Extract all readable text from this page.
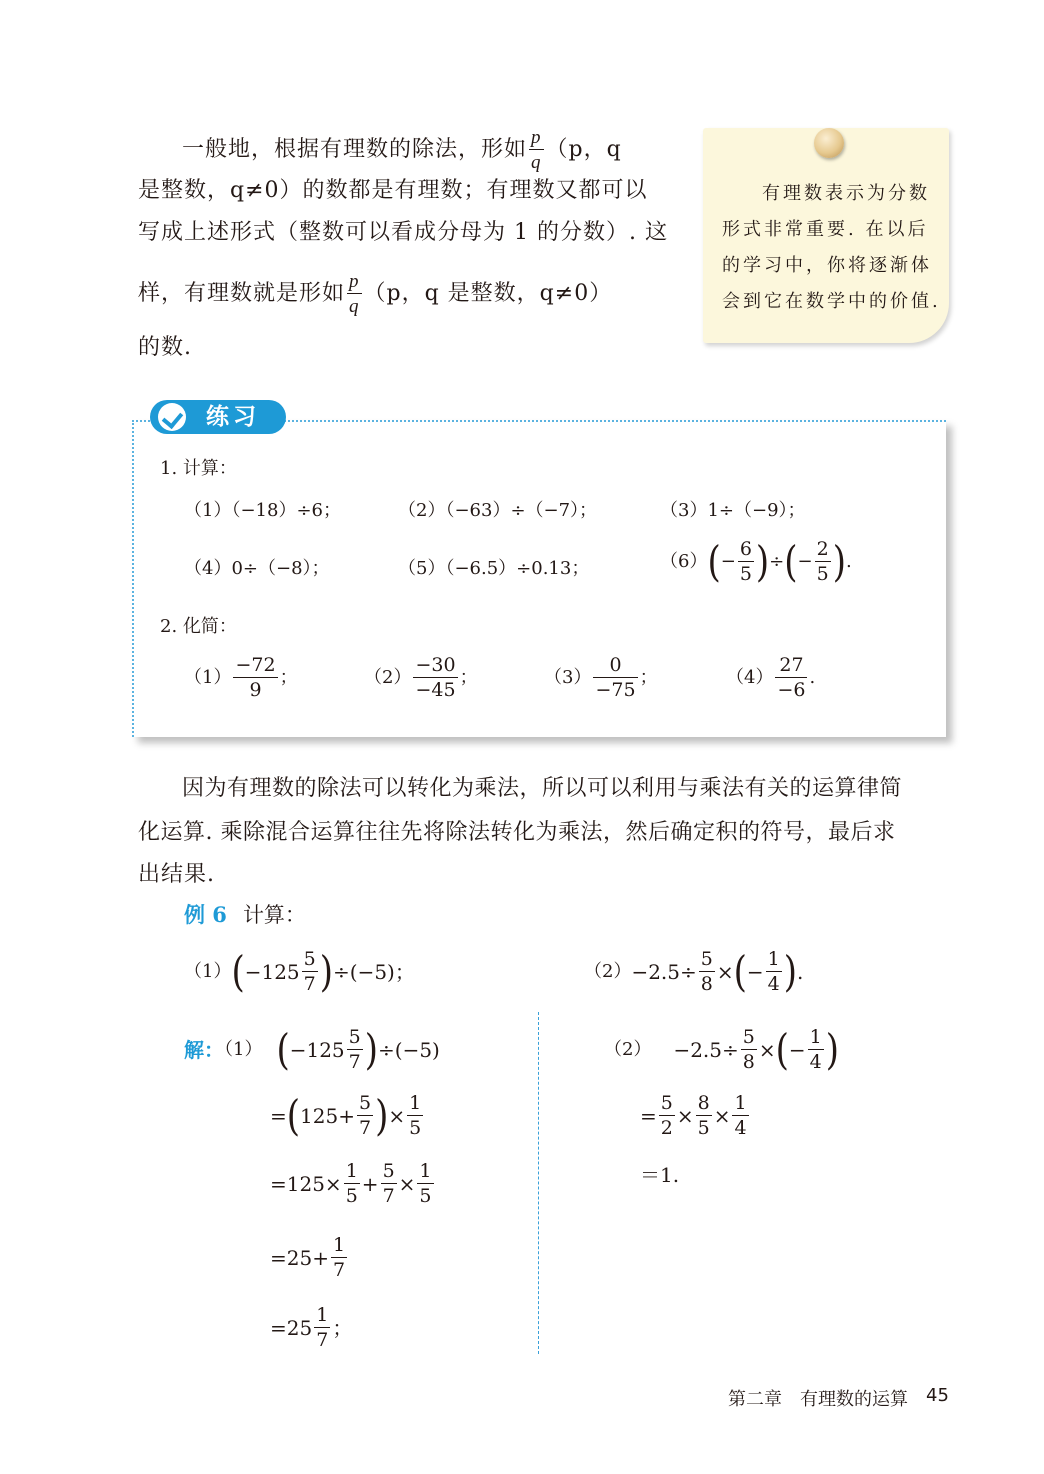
一般地，根据有理数的除法，形如 $\frac{p}{q} (p$，q
是整数，q≠0）的数都是有理数；有理数又都可以
写成上述形式（整数可以看成分母为 1 的分数）. 这
样，有理数就是形如 $\frac{p}{q} (p$，q 是整数，q≠0）
的数.
有理数表示为分数形式非常重要. 在以后的学习中，你将逐渐体会到它在数学中的价值.
练习
1. 计算：
（1）（−18）÷6；	（2）（−63）÷（−7）；	（3）1÷（−9）；
（4）0÷（−8）；	（5）（−6.5）÷0.13；	$(6)(- \frac{6}{5}$ )÷(− $\frac{2}{5}$ ).
2. 化简：
$(1) \frac{-72}{9}$ ；	$(2) \frac{-30}{-45}$ ；	$(3) \frac{0}{-75}$ ；	$(4) \frac{27}{-6}$ .
因为有理数的除法可以转化为乘法，所以可以利用与乘法有关的运算律简
化运算. 乘除混合运算往往先将除法转化为乘法，然后确定积的符号，最后求
出结果.
例 6 计算：
$(1)(-125 \frac{5}{7} )\div(-5)$；	$(2)-2.5\div \frac{5}{8}$ ×(− $\frac{1}{4}$ ).
解：（1） $(-125 \frac{5}{7} )\div(-5)$
$=(125+ \frac{5}{7}$ )× $\frac{1}{5}$
$=125\times \frac{1}{5} + \frac{5}{7} \times \frac{1}{5}$
$=25+ \frac{1}{7}$
$=25 \frac{1}{7}$ ；
$(2) -2.5\div \frac{5}{8}$ ×(− $\frac{1}{4}$ )
= $\frac{5}{2} \times \frac{8}{5} \times \frac{1}{4}$
＝1.
第二章 有理数的运算 45
